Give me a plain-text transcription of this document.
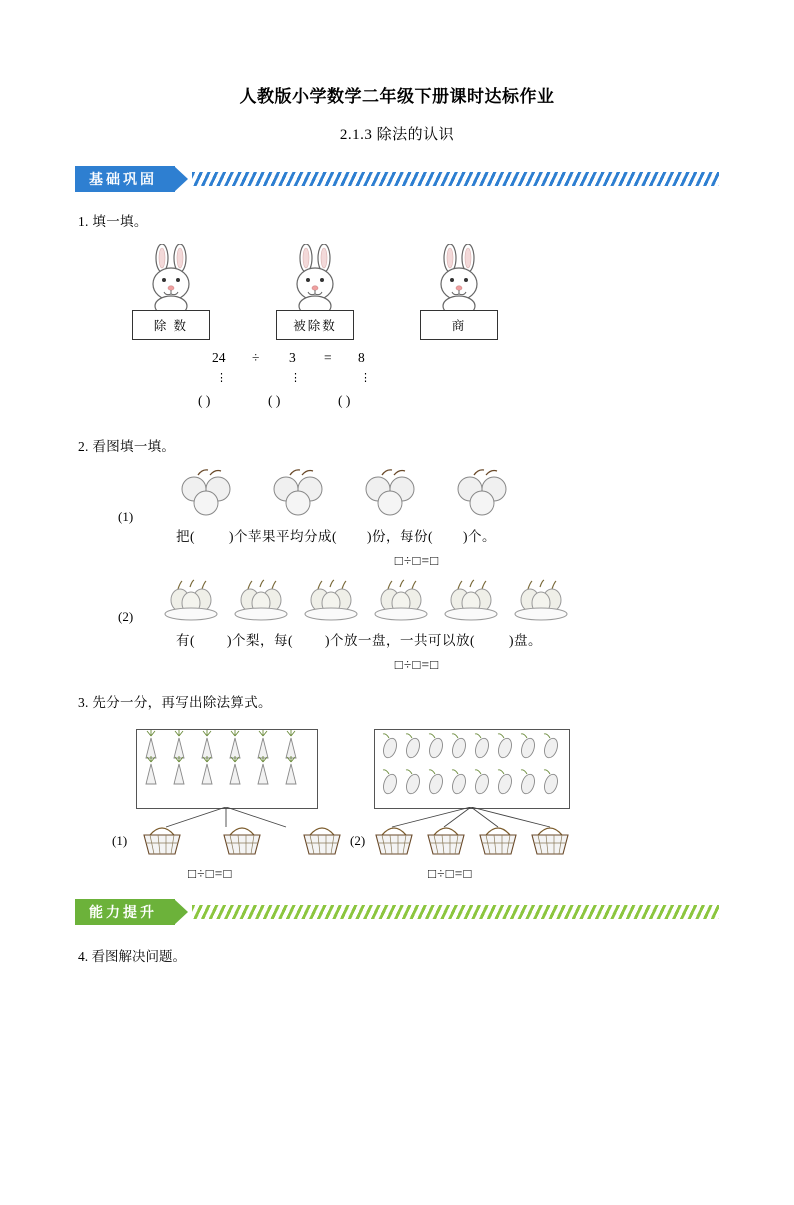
人教版小学数学二年级下册课时达标作业
2.1.3 除法的认识
基础巩固
1. 填一填。
除 数	被除数	商
24 ÷ 3 = 8
⋮	⋮	⋮
( )	( )	( )
2. 看图填一填。
(1)
把(	)个苹果平均分成( )份，每份( )个。
□÷□=□
(2)
有( )个梨，每( )个放一盘，一共可以放(	)盘。
□÷□=□
3. 先分一分，再写出除法算式。
(1)
□÷□=□
(2)
□÷□=□
能力提升
4. 看图解决问题。
